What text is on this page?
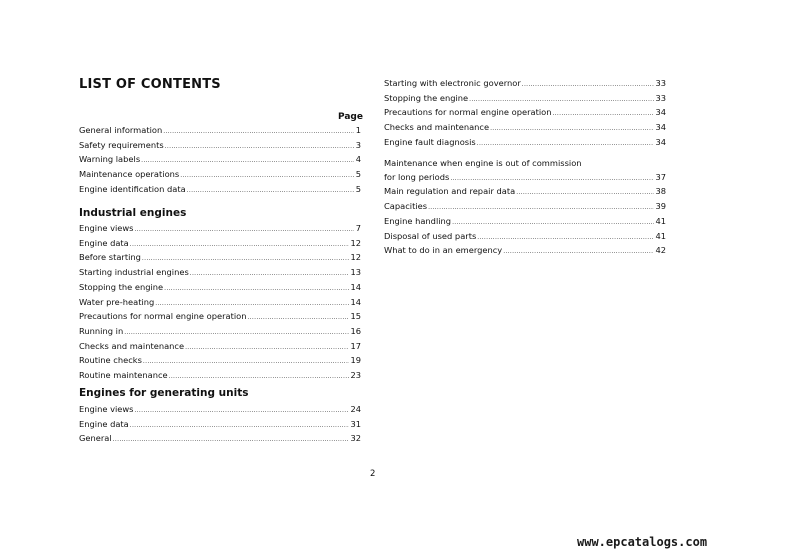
LIST OF CONTENTS
Page
General information .....	1
Safety requirements .....	3
Warning labels .....	4
Maintenance operations .....	5
Engine identification data .....	5
Industrial engines
Engine views .....	7
Engine data .....	12
Before starting .....	12
Starting industrial engines .....	13
Stopping the engine .....	14
Water pre-heating .....	14
Precautions for normal engine operation .....	15
Running in .....	16
Checks and maintenance .....	17
Routine checks .....	19
Routine maintenance .....	23
Engines for generating units
Engine views .....	24
Engine data .....	31
General .....	32
Starting with electronic governor .....	33
Stopping the engine .....	33
Precautions for normal engine operation .....	34
Checks and maintenance .....	34
Engine fault diagnosis .....	34
Maintenance when engine is out of commission
for long periods .....	37
Main regulation and repair data .....	38
Capacities .....	39
Engine handling .....	41
Disposal of used parts .....	41
What to do in an emergency .....	42
2
www.epcatalogs.com
